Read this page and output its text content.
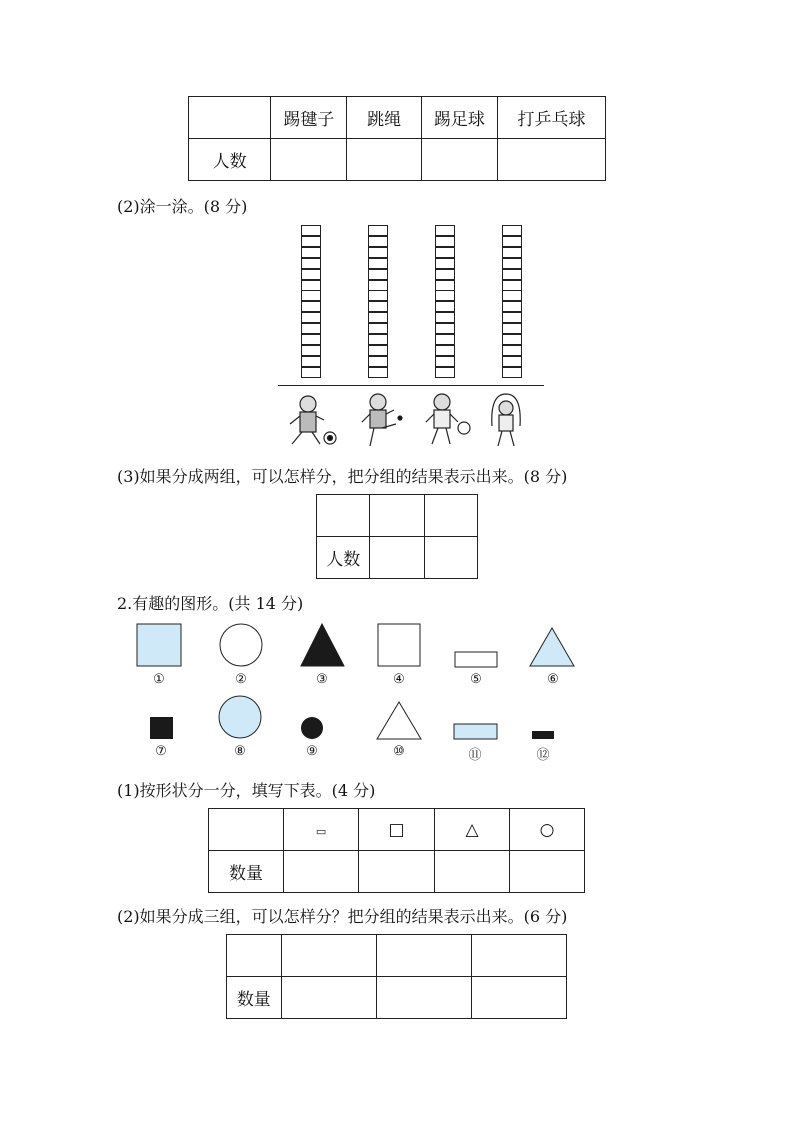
	踢毽子	跳绳	踢足球	打乒乓球
人数				
(2)涂一涂。(8 分)
(3)如果分成两组，可以怎样分，把分组的结果表示出来。(8 分)

人数		
2.有趣的图形。(共 14 分)
①	②	③	④	⑤	⑥
⑦	⑧	⑨	⑩	⑪	⑫
(1)按形状分一分，填写下表。(4 分)
	▭	□	△	○
数量				
(2)如果分成三组，可以怎样分？把分组的结果表示出来。(6 分)

数量			
